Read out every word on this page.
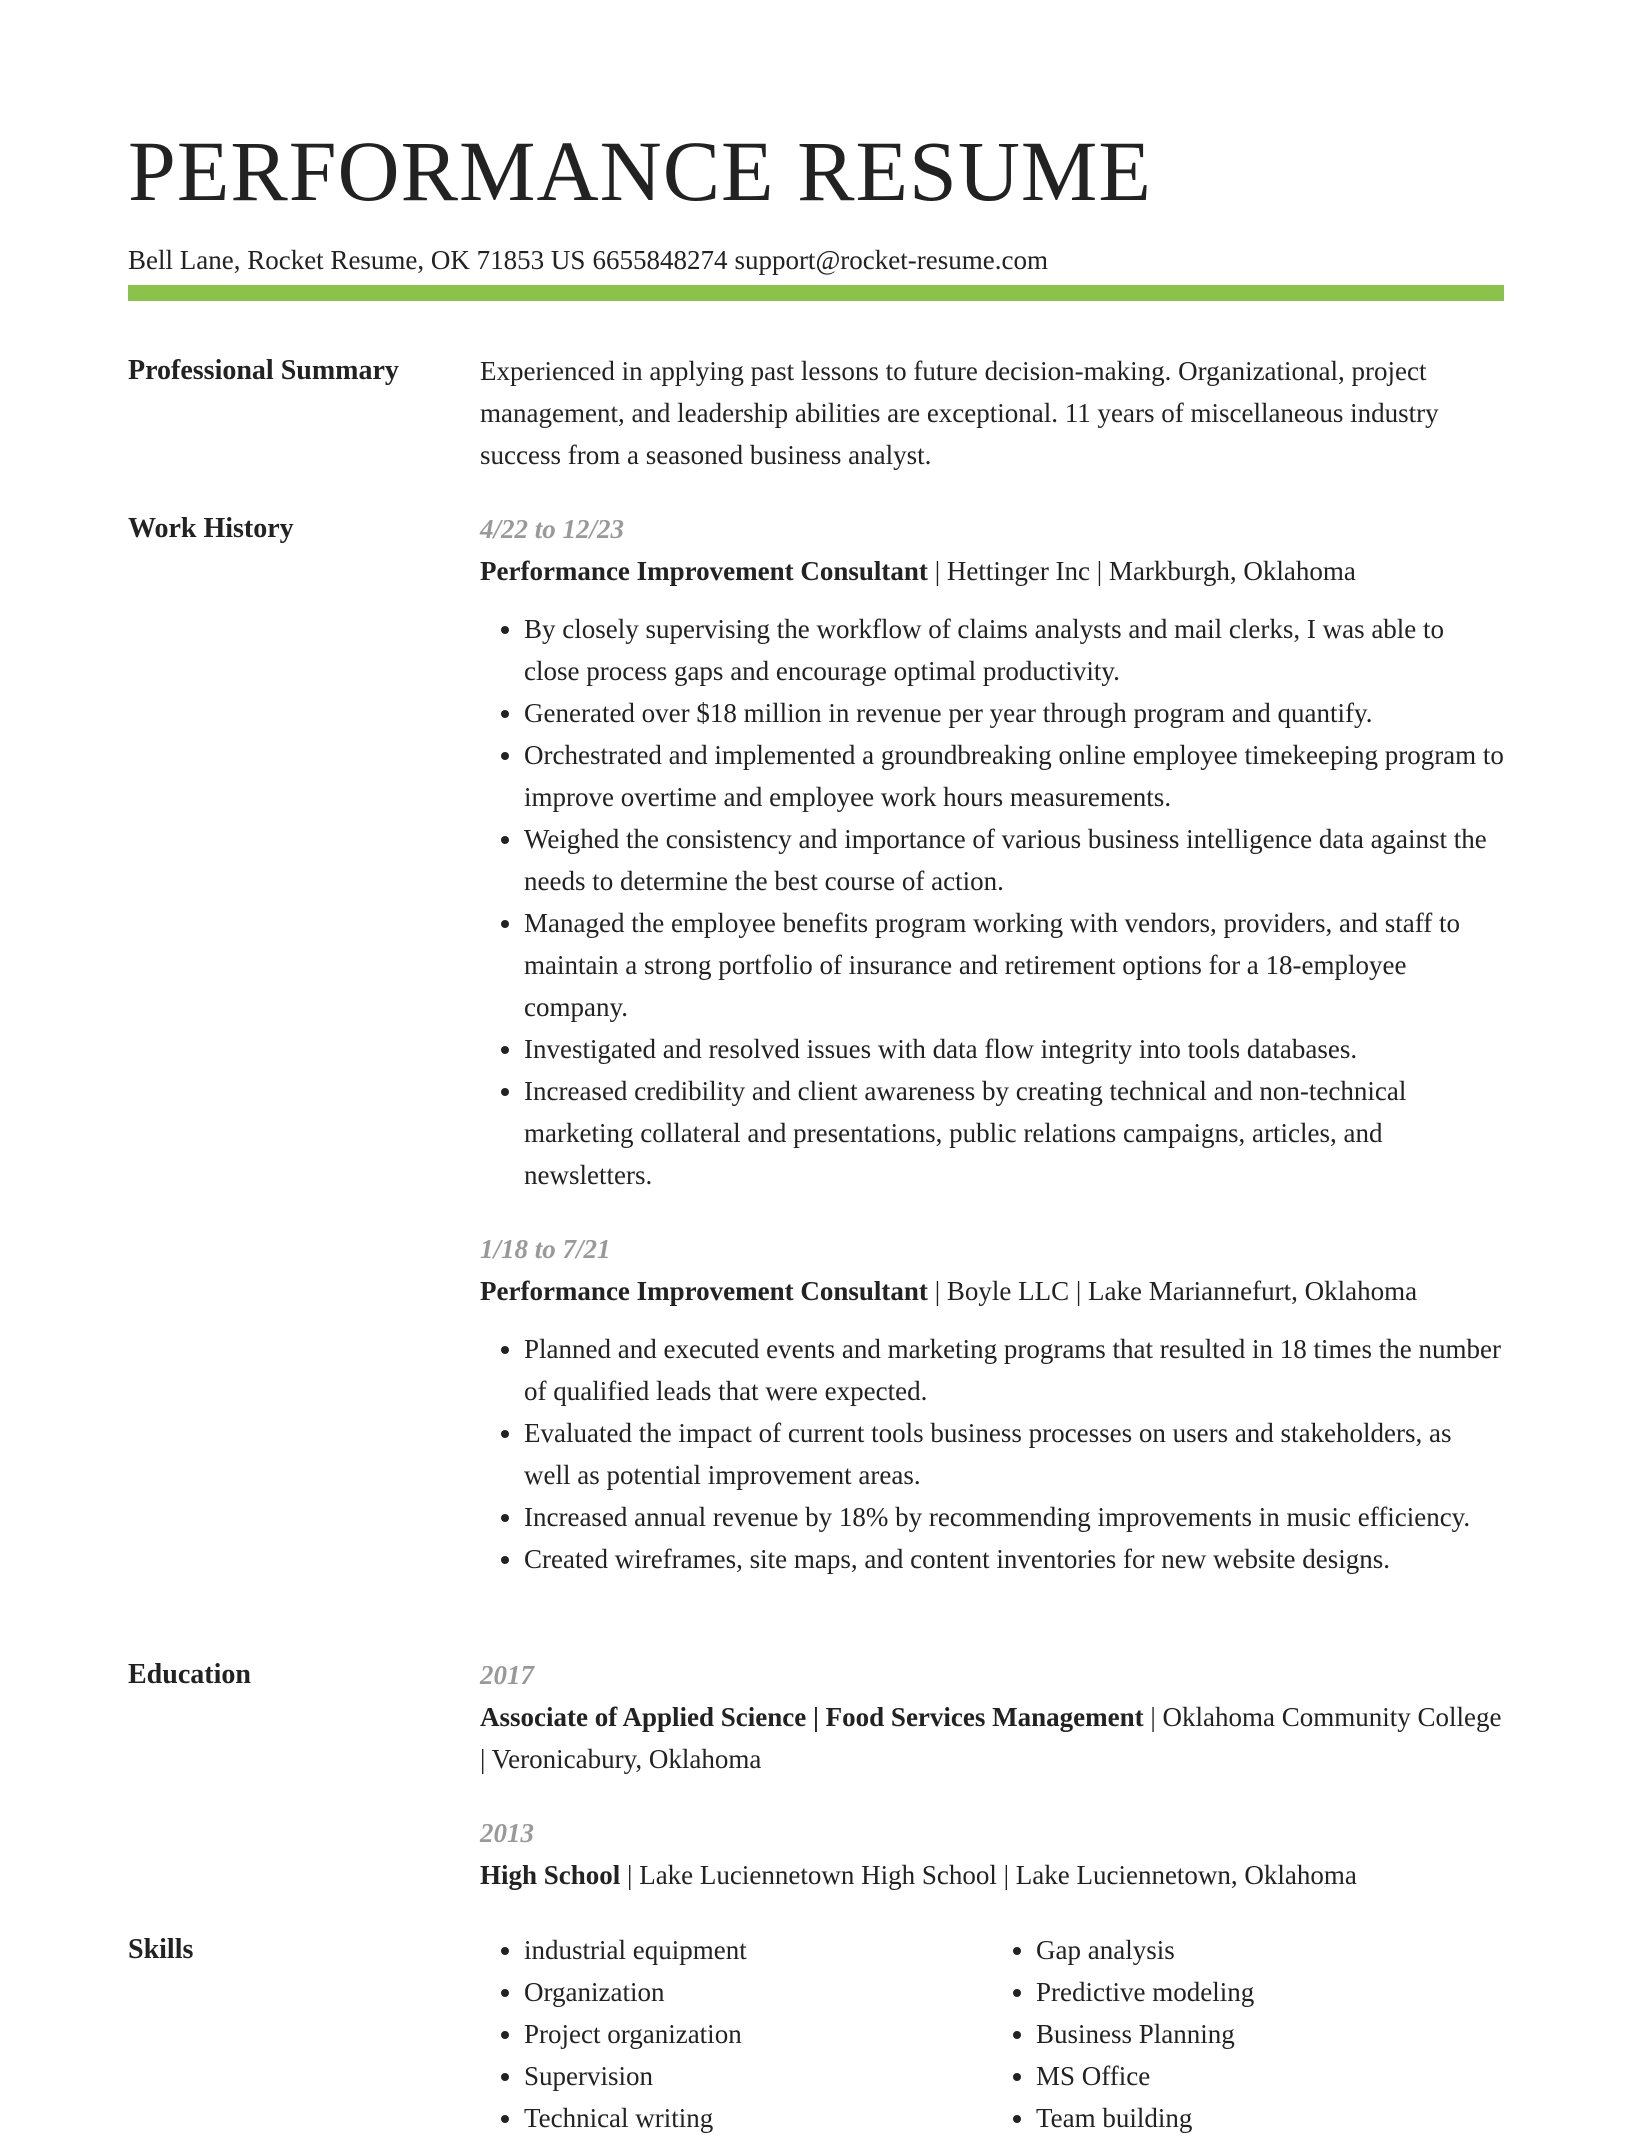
PERFORMANCE RESUME
Bell Lane, Rocket Resume, OK 71853 US 6655848274 support@rocket-resume.com
Professional Summary	Experienced in applying past lessons to future decision-making. Organizational, project management, and leadership abilities are exceptional. 11 years of miscellaneous industry success from a seasoned business analyst.
Work History	4/22 to 12/23
Performance Improvement Consultant | Hettinger Inc | Markburgh, Oklahoma
• By closely supervising the workflow of claims analysts and mail clerks, I was able to close process gaps and encourage optimal productivity.
• Generated over $18 million in revenue per year through program and quantify.
• Orchestrated and implemented a groundbreaking online employee timekeeping program to improve overtime and employee work hours measurements.
• Weighed the consistency and importance of various business intelligence data against the needs to determine the best course of action.
• Managed the employee benefits program working with vendors, providers, and staff to maintain a strong portfolio of insurance and retirement options for a 18-employee company.
• Investigated and resolved issues with data flow integrity into tools databases.
• Increased credibility and client awareness by creating technical and non-technical marketing collateral and presentations, public relations campaigns, articles, and newsletters.
1/18 to 7/21
Performance Improvement Consultant | Boyle LLC | Lake Mariannefurt, Oklahoma
• Planned and executed events and marketing programs that resulted in 18 times the number of qualified leads that were expected.
• Evaluated the impact of current tools business processes on users and stakeholders, as well as potential improvement areas.
• Increased annual revenue by 18% by recommending improvements in music efficiency.
• Created wireframes, site maps, and content inventories for new website designs.
Education	2017
Associate of Applied Science | Food Services Management | Oklahoma Community College | Veronicabury, Oklahoma
2013
High School | Lake Luciennetown High School | Lake Luciennetown, Oklahoma
Skills
•	industrial equipment
• Organization
• Project organization
• Supervision
• Technical writing
• Gap analysis
• Predictive modeling
• Business Planning
• MS Office
• Team building
